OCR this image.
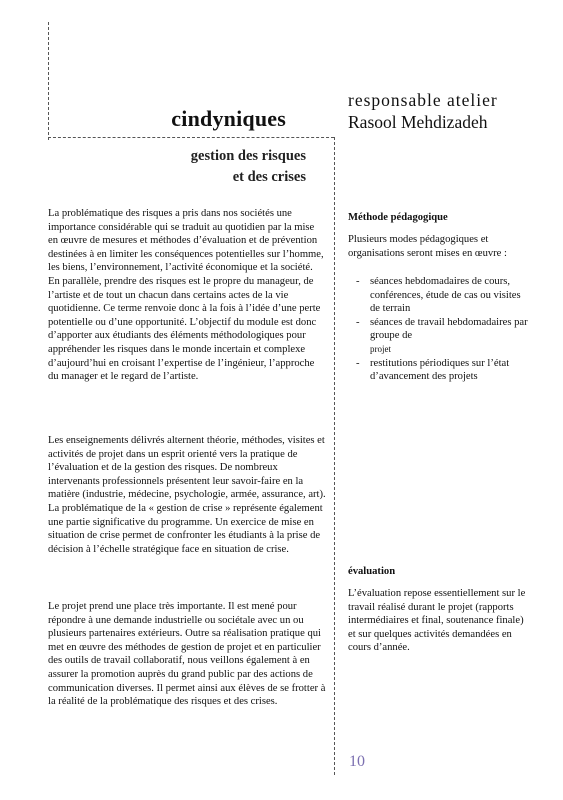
cindyniques
gestion des risques
et des crises
responsable atelier
Rasool Mehdizadeh
La problématique des risques a pris dans nos sociétés une importance considérable qui se traduit au quotidien par la mise en œuvre de mesures et méthodes d’évaluation et de prévention destinées à en limiter les conséquences potentielles sur l’homme, les biens, l’environnement, l’activité économique et la société. En parallèle, prendre des risques est le propre du manageur, de l’artiste et de tout un chacun dans certains actes de la vie quotidienne. Ce terme renvoie donc à la fois à l’idée d’une perte potentielle ou d’une opportunité. L’objectif du module est donc d’apporter aux étudiants des éléments méthodologiques pour appréhender les risques dans le monde incertain et complexe d’aujourd’hui en croisant l’expertise de l’ingénieur, l’approche du manager et le regard de l’artiste.
Les enseignements délivrés alternent théorie, méthodes, visites et activités de projet dans un esprit orienté vers la pratique de l’évaluation et de la gestion des risques. De nombreux intervenants professionnels présentent leur savoir-faire en la matière (industrie, médecine, psychologie, armée, assurance, art). La problématique de la « gestion de crise » représente également une partie significative du programme. Un exercice de mise en situation de crise permet de confronter les étudiants à la prise de décision à l’échelle stratégique face en situation de crise.
Le projet prend une place très importante. Il est mené pour répondre à une demande industrielle ou sociétale avec un ou plusieurs partenaires extérieurs. Outre sa réalisation pratique qui met en œuvre des méthodes de gestion de projet et en particulier des outils de travail collaboratif, nous veillons également à en assurer la promotion auprès du grand public par des actions de communication diverses. Il permet ainsi aux élèves de se frotter à la réalité de la problématique des risques et des crises.
Méthode pédagogique
Plusieurs modes pédagogiques et organisations seront mises en œuvre :
- séances hebdomadaires de cours, conférences, étude de cas ou visites de terrain
- séances de travail hebdomadaires par groupe de
projet
- restitutions périodiques sur l’état d’avancement des projets
évaluation
L’évaluation repose essentiellement sur le travail réalisé durant le projet (rapports intermédiaires et final, soutenance finale) et sur quelques activités demandées en cours d’année.
10
